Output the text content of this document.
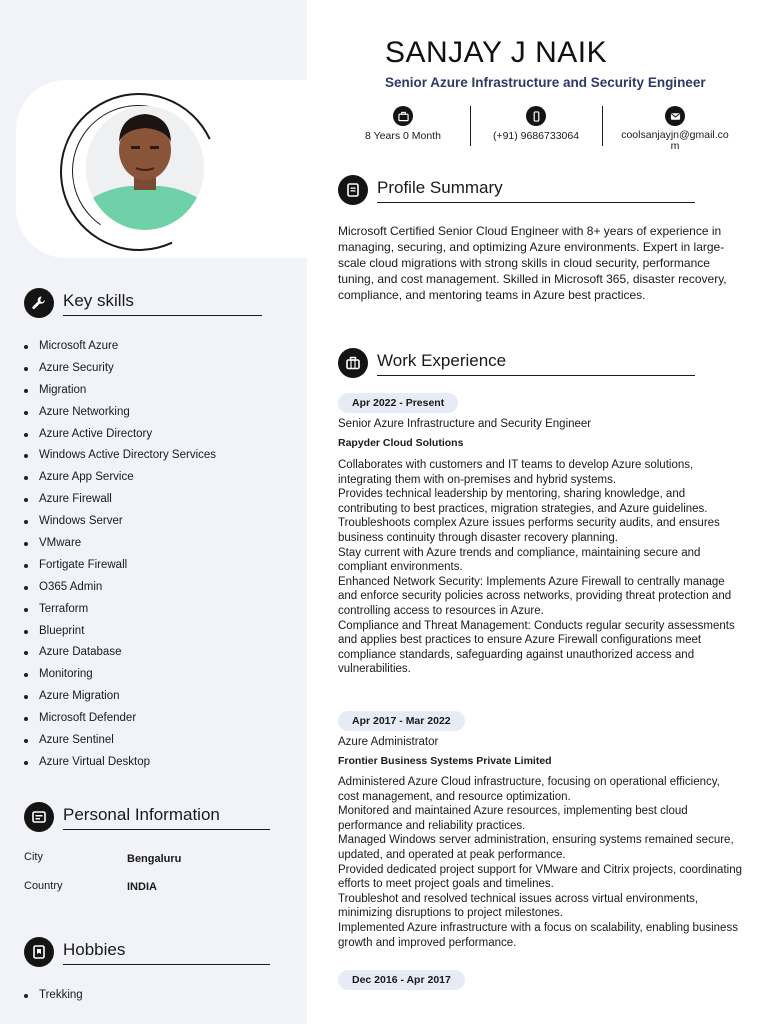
Key skills
Microsoft Azure
Azure Security
Migration
Azure Networking
Azure Active Directory
Windows Active Directory Services
Azure App Service
Azure Firewall
Windows Server
VMware
Fortigate Firewall
O365 Admin
Terraform
Blueprint
Azure Database
Monitoring
Azure Migration
Microsoft Defender
Azure Sentinel
Azure Virtual Desktop
Personal Information
City	Bengaluru
Country	INDIA
Hobbies
Trekking
SANJAY J NAIK
Senior Azure Infrastructure and Security Engineer
8 Years 0 Month	(+91) 9686733064	coolsanjayjn@gmail.com
Profile Summary
Microsoft Certified Senior Cloud Engineer with 8+ years of experience in managing, securing, and optimizing Azure environments. Expert in large-scale cloud migrations with strong skills in cloud security, performance tuning, and cost management. Skilled in Microsoft 365, disaster recovery, compliance, and mentoring teams in Azure best practices.
Work Experience
Apr 2022 - Present
Senior Azure Infrastructure and Security Engineer
Rapyder Cloud Solutions
Collaborates with customers and IT teams to develop Azure solutions, integrating them with on-premises and hybrid systems.
Provides technical leadership by mentoring, sharing knowledge, and contributing to best practices, migration strategies, and Azure guidelines.
Troubleshoots complex Azure issues performs security audits, and ensures business continuity through disaster recovery planning.
Stay current with Azure trends and compliance, maintaining secure and compliant environments.
Enhanced Network Security: Implements Azure Firewall to centrally manage and enforce security policies across networks, providing threat protection and controlling access to resources in Azure.
Compliance and Threat Management: Conducts regular security assessments and applies best practices to ensure Azure Firewall configurations meet compliance standards, safeguarding against unauthorized access and vulnerabilities.
Apr 2017 - Mar 2022
Azure Administrator
Frontier Business Systems Private Limited
Administered Azure Cloud infrastructure, focusing on operational efficiency, cost management, and resource optimization.
Monitored and maintained Azure resources, implementing best cloud performance and reliability practices.
Managed Windows server administration, ensuring systems remained secure, updated, and operated at peak performance.
Provided dedicated project support for VMware and Citrix projects, coordinating efforts to meet project goals and timelines.
Troubleshot and resolved technical issues across virtual environments, minimizing disruptions to project milestones.
Implemented Azure infrastructure with a focus on scalability, enabling business growth and improved performance.
Dec 2016 - Apr 2017
